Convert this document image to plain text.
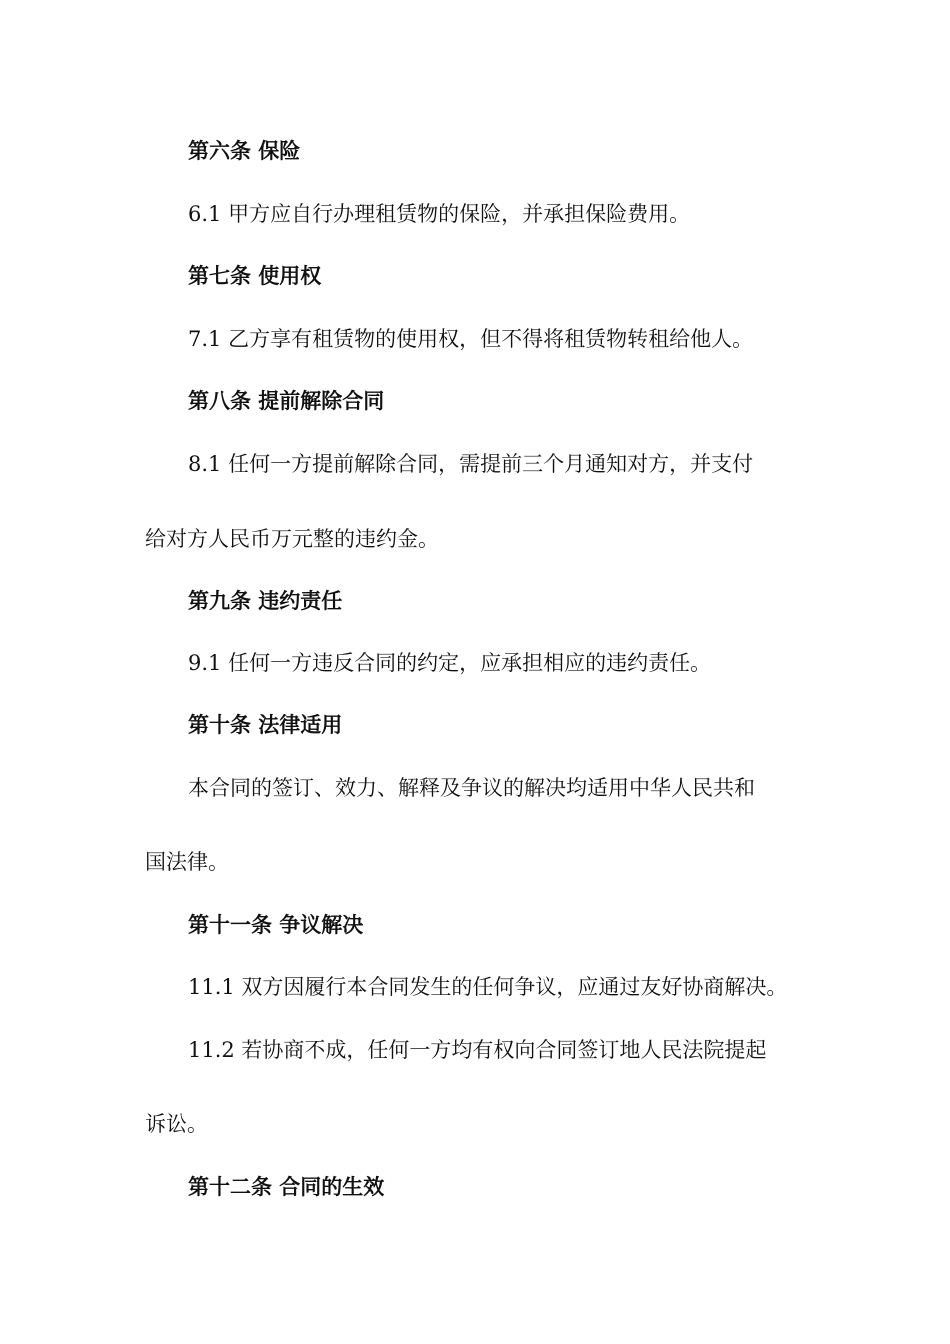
第六条 保险
6.1 甲方应自行办理租赁物的保险，并承担保险费用。
第七条 使用权
7.1 乙方享有租赁物的使用权，但不得将租赁物转租给他人。
第八条 提前解除合同
8.1 任何一方提前解除合同，需提前三个月通知对方，并支付
给对方人民币万元整的违约金。
第九条 违约责任
9.1 任何一方违反合同的约定，应承担相应的违约责任。
第十条 法律适用
本合同的签订、效力、解释及争议的解决均适用中华人民共和
国法律。
第十一条 争议解决
11.1 双方因履行本合同发生的任何争议，应通过友好协商解决。
11.2 若协商不成，任何一方均有权向合同签订地人民法院提起
诉讼。
第十二条 合同的生效
